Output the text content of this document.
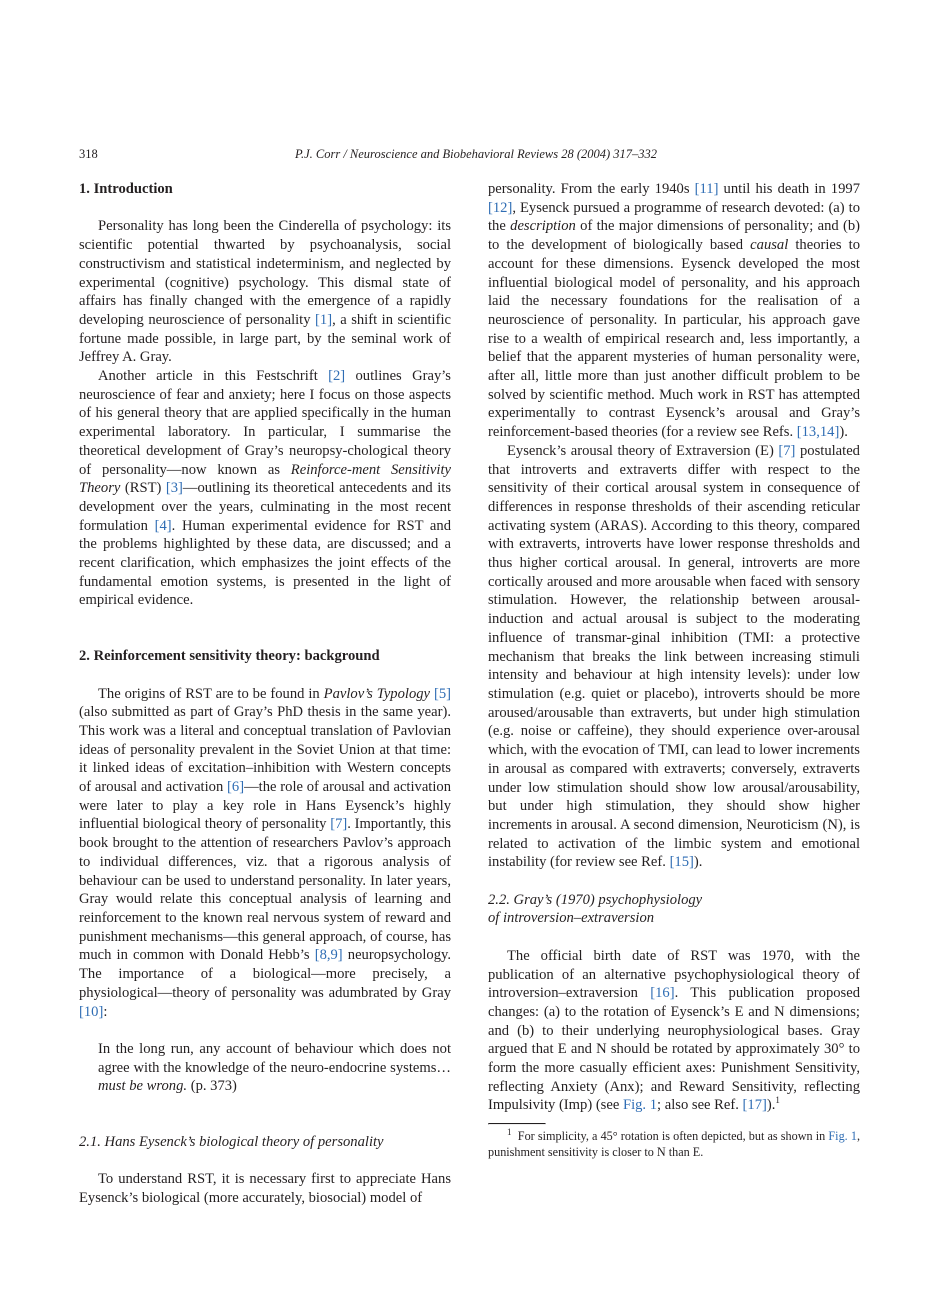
318	P.J. Corr / Neuroscience and Biobehavioral Reviews 28 (2004) 317–332
1. Introduction

Personality has long been the Cinderella of psychology: its scientific potential thwarted by psychoanalysis, social constructivism and statistical indeterminism, and neglected by experimental (cognitive) psychology. This dismal state of affairs has finally changed with the emergence of a rapidly developing neuroscience of personality [1], a shift in scientific fortune made possible, in large part, by the seminal work of Jeffrey A. Gray.

Another article in this Festschrift [2] outlines Gray’s neuroscience of fear and anxiety; here I focus on those aspects of his general theory that are applied specifically in the human experimental laboratory. In particular, I summarise the theoretical development of Gray’s neuropsy-chological theory of personality—now known as Reinforce-ment Sensitivity Theory (RST) [3]—outlining its theoretical antecedents and its development over the years, culminating in the most recent formulation [4]. Human experimental evidence for RST and the problems highlighted by these data, are discussed; and a recent clarification, which emphasizes the joint effects of the fundamental emotion systems, is presented in the light of empirical evidence.

2. Reinforcement sensitivity theory: background

The origins of RST are to be found in Pavlov’s Typology [5] (also submitted as part of Gray’s PhD thesis in the same year). This work was a literal and conceptual translation of Pavlovian ideas of personality prevalent in the Soviet Union at that time: it linked ideas of excitation–inhibition with Western concepts of arousal and activation [6]—the role of arousal and activation were later to play a key role in Hans Eysenck’s highly influential biological theory of personality [7]. Importantly, this book brought to the attention of researchers Pavlov’s approach to individual differences, viz. that a rigorous analysis of behaviour can be used to understand personality. In later years, Gray would relate this conceptual analysis of learning and reinforcement to the known real nervous system of reward and punishment mechanisms—this general approach, of course, has much in common with Donald Hebb’s [8,9] neuropsychology. The importance of a biological—more precisely, a physiological—theory of personality was adumbrated by Gray [10]:

In the long run, any account of behaviour which does not agree with the knowledge of the neuro-endocrine systems…must be wrong. (p. 373)

2.1. Hans Eysenck’s biological theory of personality

To understand RST, it is necessary first to appreciate Hans Eysenck’s biological (more accurately, biosocial) model of

personality. From the early 1940s [11] until his death in 1997 [12], Eysenck pursued a programme of research devoted: (a) to the description of the major dimensions of personality; and (b) to the development of biologically based causal theories to account for these dimensions. Eysenck developed the most influential biological model of personality, and his approach laid the necessary foundations for the realisation of a neuroscience of personality. In particular, his approach gave rise to a wealth of empirical research and, less importantly, a belief that the apparent mysteries of human personality were, after all, little more than just another difficult problem to be solved by scientific method. Much work in RST has attempted experimentally to contrast Eysenck’s arousal and Gray’s reinforcement-based theories (for a review see Refs. [13,14]).

Eysenck’s arousal theory of Extraversion (E) [7] postulated that introverts and extraverts differ with respect to the sensitivity of their cortical arousal system in consequence of differences in response thresholds of their ascending reticular activating system (ARAS). According to this theory, compared with extraverts, introverts have lower response thresholds and thus higher cortical arousal. In general, introverts are more cortically aroused and more arousable when faced with sensory stimulation. However, the relationship between arousal-induction and actual arousal is subject to the moderating influence of transmar-ginal inhibition (TMI: a protective mechanism that breaks the link between increasing stimuli intensity and behaviour at high intensity levels): under low stimulation (e.g. quiet or placebo), introverts should be more aroused/arousable than extraverts, but under high stimulation (e.g. noise or caffeine), they should experience over-arousal which, with the evocation of TMI, can lead to lower increments in arousal as compared with extraverts; conversely, extraverts under low stimulation should show low arousal/arousability, but under high stimulation, they should show higher increments in arousal. A second dimension, Neuroticism (N), is related to activation of the limbic system and emotional instability (for review see Ref. [15]).

2.2. Gray’s (1970) psychophysiology
of introversion–extraversion

The official birth date of RST was 1970, with the publication of an alternative psychophysiological theory of introversion–extraversion [16]. This publication proposed changes: (a) to the rotation of Eysenck’s E and N dimensions; and (b) to their underlying neurophysiological bases. Gray argued that E and N should be rotated by approximately 30° to form the more casually efficient axes: Punishment Sensitivity, reflecting Anxiety (Anx); and Reward Sensitivity, reflecting Impulsivity (Imp) (see Fig. 1; also see Ref. [17]).$^1$

$^1$ For simplicity, a 45° rotation is often depicted, but as shown in Fig. 1, punishment sensitivity is closer to N than E.
